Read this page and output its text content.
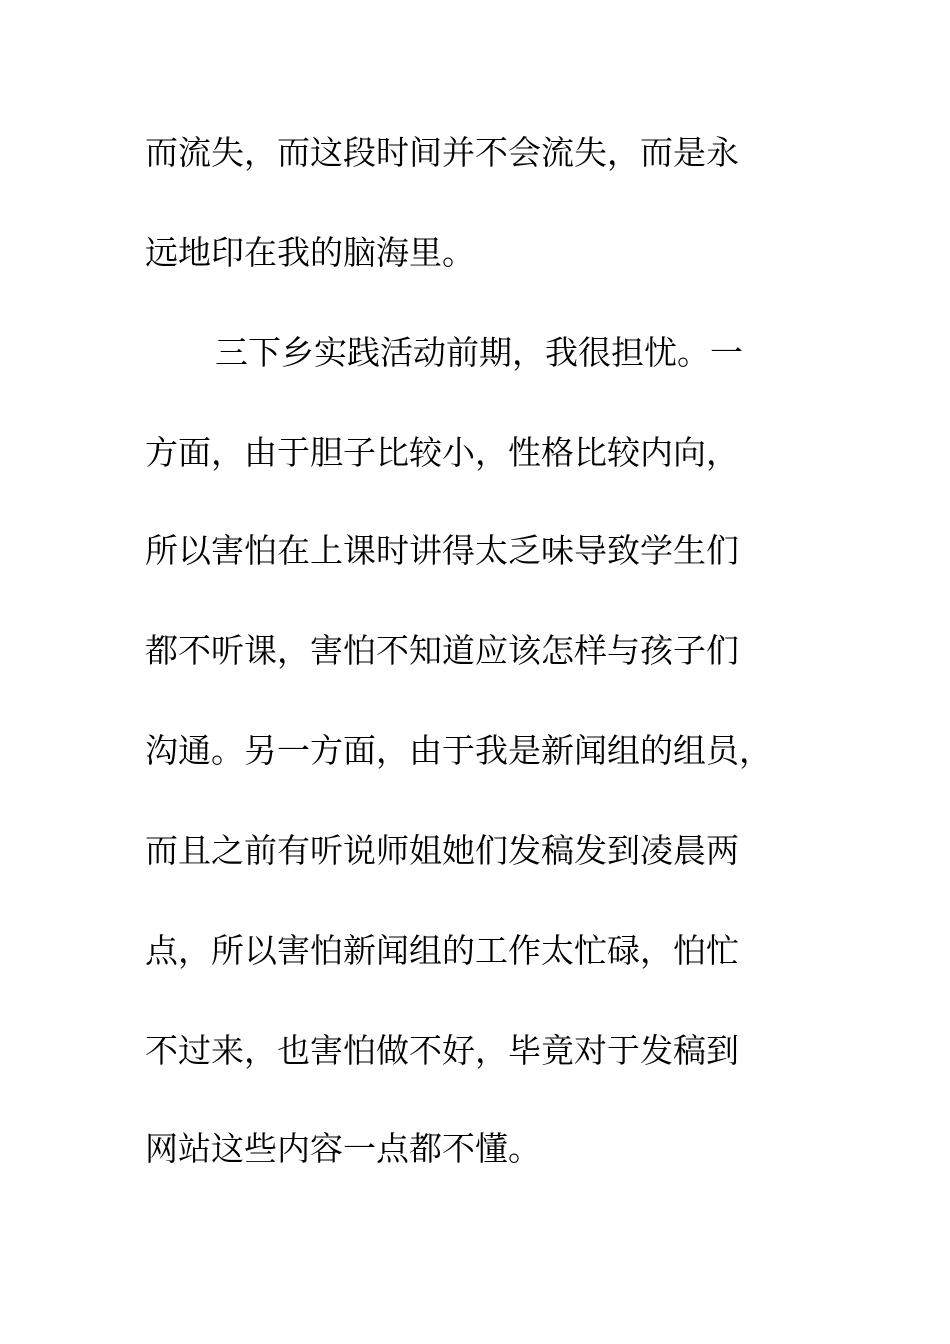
而流失，而这段时间并不会流失，而是永
远地印在我的脑海里。
三下乡实践活动前期，我很担忧。一
方面，由于胆子比较小，性格比较内向，
所以害怕在上课时讲得太乏味导致学生们
都不听课，害怕不知道应该怎样与孩子们
沟通。另一方面，由于我是新闻组的组员，
而且之前有听说师姐她们发稿发到凌晨两
点，所以害怕新闻组的工作太忙碌，怕忙
不过来，也害怕做不好，毕竟对于发稿到
网站这些内容一点都不懂。
